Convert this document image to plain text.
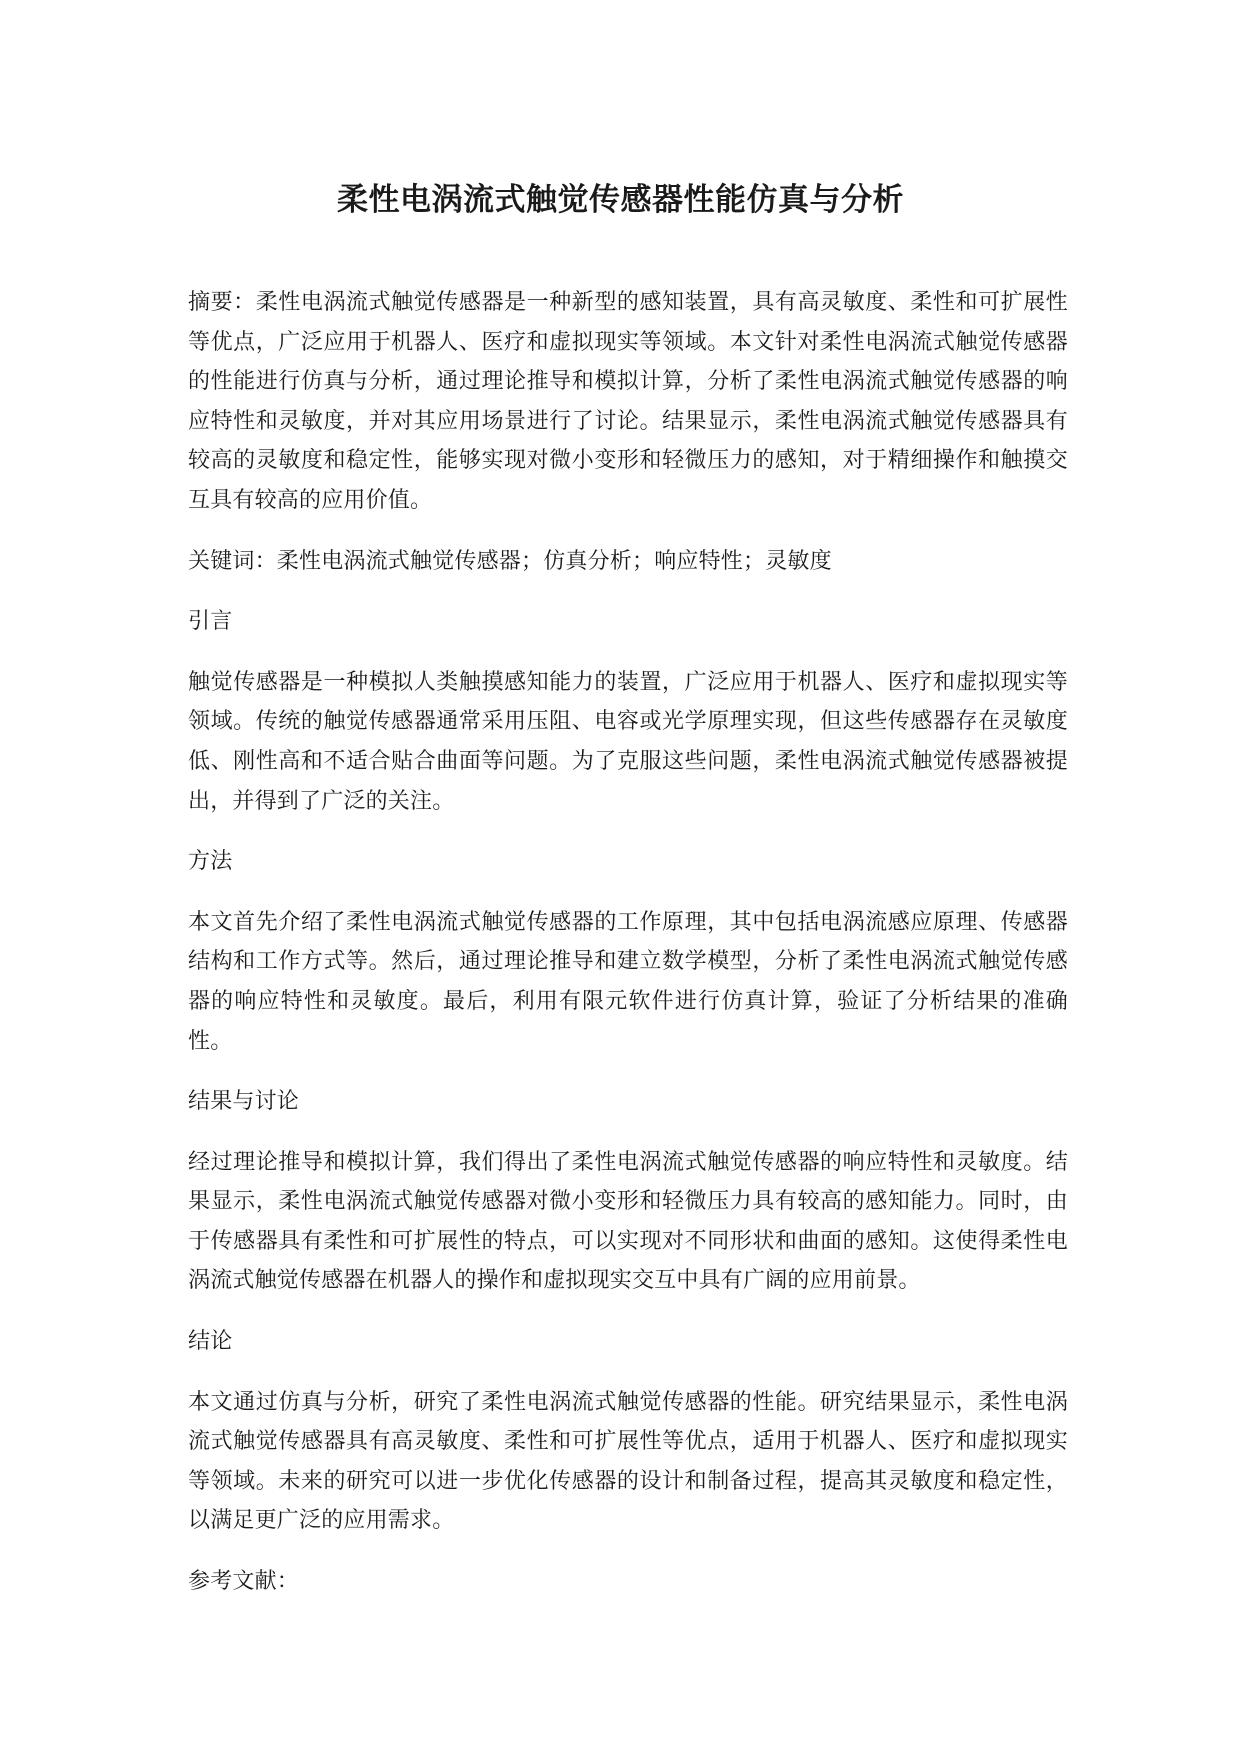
柔性电涡流式触觉传感器性能仿真与分析

摘要：柔性电涡流式触觉传感器是一种新型的感知装置，具有高灵敏度、柔性和可扩展性等优点，广泛应用于机器人、医疗和虚拟现实等领域。本文针对柔性电涡流式触觉传感器的性能进行仿真与分析，通过理论推导和模拟计算，分析了柔性电涡流式触觉传感器的响应特性和灵敏度，并对其应用场景进行了讨论。结果显示，柔性电涡流式触觉传感器具有较高的灵敏度和稳定性，能够实现对微小变形和轻微压力的感知，对于精细操作和触摸交互具有较高的应用价值。

关键词：柔性电涡流式触觉传感器；仿真分析；响应特性；灵敏度

引言

触觉传感器是一种模拟人类触摸感知能力的装置，广泛应用于机器人、医疗和虚拟现实等领域。传统的触觉传感器通常采用压阻、电容或光学原理实现，但这些传感器存在灵敏度低、刚性高和不适合贴合曲面等问题。为了克服这些问题，柔性电涡流式触觉传感器被提出，并得到了广泛的关注。

方法

本文首先介绍了柔性电涡流式触觉传感器的工作原理，其中包括电涡流感应原理、传感器结构和工作方式等。然后，通过理论推导和建立数学模型，分析了柔性电涡流式触觉传感器的响应特性和灵敏度。最后，利用有限元软件进行仿真计算，验证了分析结果的准确性。

结果与讨论

经过理论推导和模拟计算，我们得出了柔性电涡流式触觉传感器的响应特性和灵敏度。结果显示，柔性电涡流式触觉传感器对微小变形和轻微压力具有较高的感知能力。同时，由于传感器具有柔性和可扩展性的特点，可以实现对不同形状和曲面的感知。这使得柔性电涡流式触觉传感器在机器人的操作和虚拟现实交互中具有广阔的应用前景。

结论

本文通过仿真与分析，研究了柔性电涡流式触觉传感器的性能。研究结果显示，柔性电涡流式触觉传感器具有高灵敏度、柔性和可扩展性等优点，适用于机器人、医疗和虚拟现实等领域。未来的研究可以进一步优化传感器的设计和制备过程，提高其灵敏度和稳定性，以满足更广泛的应用需求。

参考文献：
